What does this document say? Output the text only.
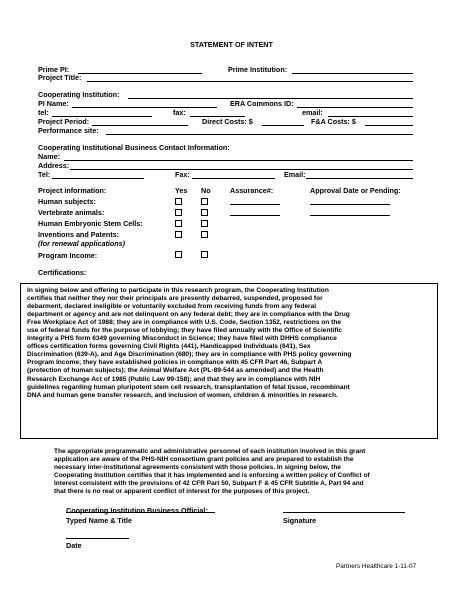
STATEMENT OF INTENT
Prime PI:	Prime Institution:
Project Title:
Cooperating Institution:
PI Name:	ERA Commons ID:
tel:	fax:	email:
Project Period:	Direct Costs: $	F&A Costs: $
Performance site:
Cooperating Institutional Business Contact Information:
Name:
Address:
Tel:	Fax:	Email:
Project information:	Yes No	Assurance#:	Approval Date or Pending:
Human subjects:
Vertebrate animals:
Human Embryonic Stem Cells:
Inventions and Patents:
(for renewal applications)
Program Income:
Certifications:
In signing below and offering to participate in this research program, the Cooperating Institution
certifies that neither they nor their principals are presently debarred, suspended, proposed for
debarment, declared ineligible or voluntarily excluded from receiving funds from any federal
department or agency and are not delinquent on any federal debt; they are in compliance with the Drug
Free Workplace Act of 1988; they are in compliance with U.S. Code, Section 1352, restrictions on the
use of federal funds for the purpose of lobbying; they have filed annually with the Office of Scientific
Integrity a PHS form 6349 governing Misconduct in Science; they have filed with DHHS compliance
offices certification forms governing Civil Rights (441), Handicapped Individuals (641), Sex
Discrimination (639-A), and Age Discrimination (680); they are in compliance with PHS policy governing
Program Income; they have established policies in compliance with 45 CFR Part 46, Subpart A
(protection of human subjects); the Animal Welfare Act (PL-89-544 as amended) and the Health
Research Exchange Act of 1985 (Public Law 99-158); and that they are in compliance with NIH
guidelines regarding human pluripotent stem cell research, transplantation of fetal tissue, recombinant
DNA and human gene transfer research, and inclusion of women, children & minorities in research.
The appropriate programmatic and administrative personnel of each institution involved in this grant
application are aware of the PHS-NIH consortium grant policies and are prepared to establish the
necessary inter-institutional agreements consistent with those policies. In signing below, the
Cooperating Institution certifies that it has implemented and is enforcing a written policy of Conflict of
Interest consistent with the provisions of 42 CFR Part 50, Subpart F & 45 CFR Subtitle A, Part 94 and
that there is no real or apparent conflict of interest for the purposes of this project.
Cooperating Institution Business Official:
Typed Name & Title	Signature
Date
Partners Healthcare 1-11-07
